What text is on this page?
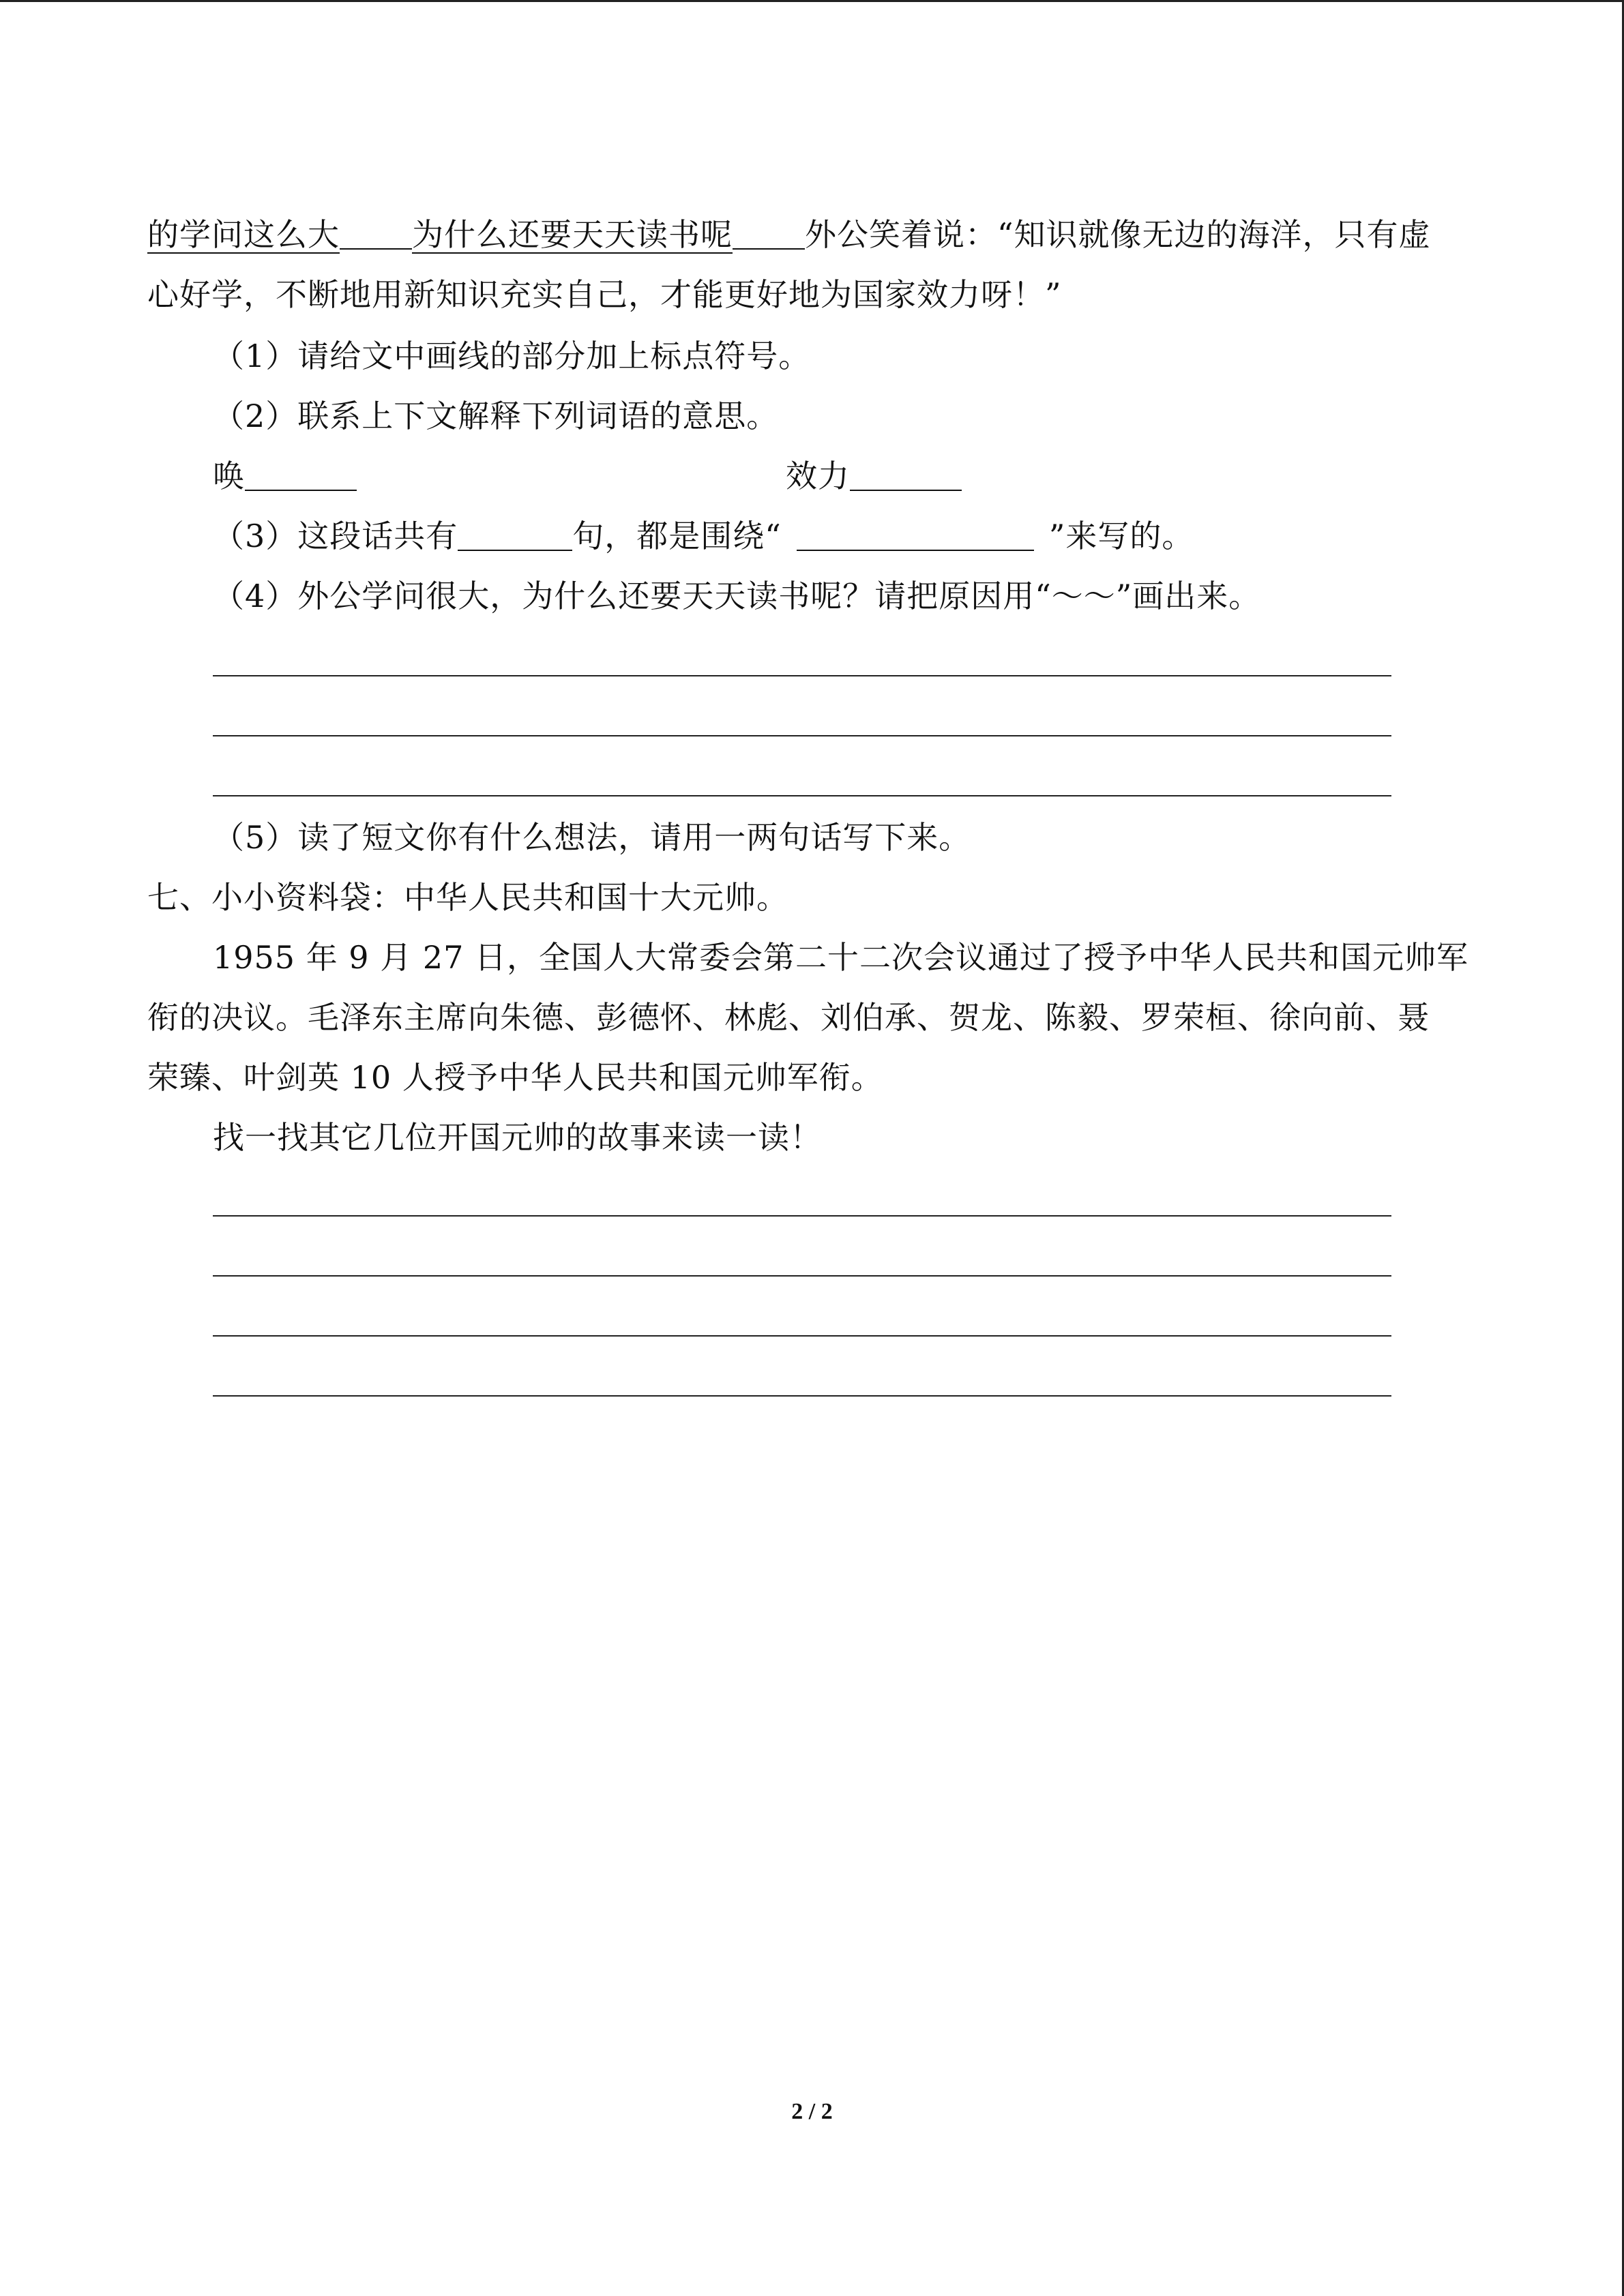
的学问这么大 为什么还要天天读书呢 外公笑着说：“知识就像无边的海洋，只有虚
心好学，不断地用新知识充实自己，才能更好地为国家效力呀！”
（1）请给文中画线的部分加上标点符号。
（2）联系上下文解释下列词语的意思。
唤	效力
（3）这段话共有	句，都是围绕“	”来写的。
（4）外公学问很大，为什么还要天天读书呢？请把原因用“～～”画出来。
（5）读了短文你有什么想法，请用一两句话写下来。
七、小小资料袋：中华人民共和国十大元帅。
1955 年 9 月 27 日，全国人大常委会第二十二次会议通过了授予中华人民共和国元帅军
衔的决议。毛泽东主席向朱德、彭德怀、林彪、刘伯承、贺龙、陈毅、罗荣桓、徐向前、聂
荣臻、叶剑英 10 人授予中华人民共和国元帅军衔。
找一找其它几位开国元帅的故事来读一读！
2 / 2
